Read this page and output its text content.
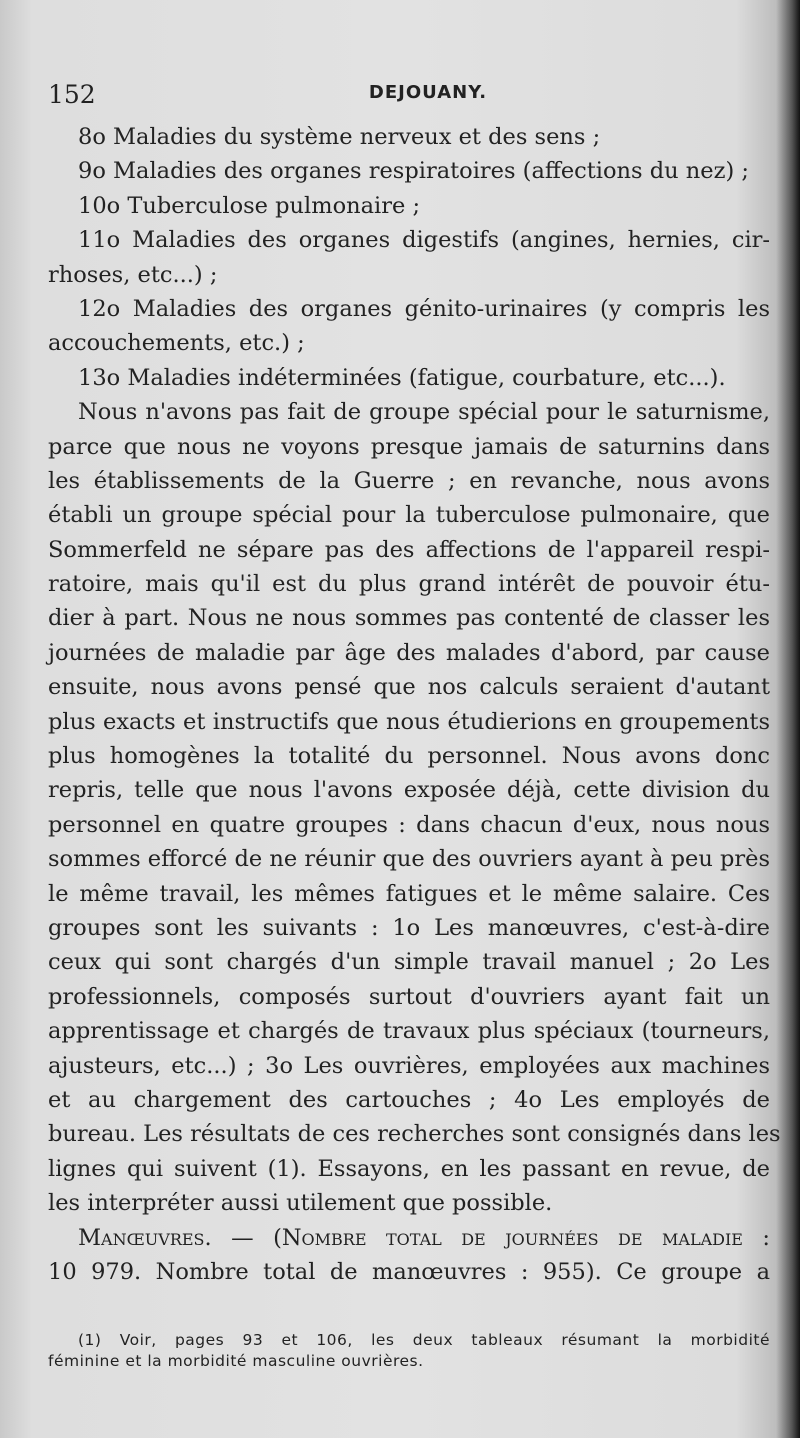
152	DEJOUANY.
8o Maladies du système nerveux et des sens ;
9o Maladies des organes respiratoires (affections du nez) ;
10o Tuberculose pulmonaire ;
11o Maladies des organes digestifs (angines, hernies, cir-
rhoses, etc...) ;
12o Maladies des organes génito-urinaires (y compris les
accouchements, etc.) ;
13o Maladies indéterminées (fatigue, courbature, etc...).
Nous n'avons pas fait de groupe spécial pour le saturnisme,
parce que nous ne voyons presque jamais de saturnins dans
les établissements de la Guerre ; en revanche, nous avons
établi un groupe spécial pour la tuberculose pulmonaire, que
Sommerfeld ne sépare pas des affections de l'appareil respi-
ratoire, mais qu'il est du plus grand intérêt de pouvoir étu-
dier à part. Nous ne nous sommes pas contenté de classer les
journées de maladie par âge des malades d'abord, par cause
ensuite, nous avons pensé que nos calculs seraient d'autant
plus exacts et instructifs que nous étudierions en groupements
plus homogènes la totalité du personnel. Nous avons donc
repris, telle que nous l'avons exposée déjà, cette division du
personnel en quatre groupes : dans chacun d'eux, nous nous
sommes efforcé de ne réunir que des ouvriers ayant à peu près
le même travail, les mêmes fatigues et le même salaire. Ces
groupes sont les suivants : 1o Les manœuvres, c'est-à-dire
ceux qui sont chargés d'un simple travail manuel ; 2o Les
professionnels, composés surtout d'ouvriers ayant fait un
apprentissage et chargés de travaux plus spéciaux (tourneurs,
ajusteurs, etc...) ; 3o Les ouvrières, employées aux machines
et au chargement des cartouches ; 4o Les employés de
bureau. Les résultats de ces recherches sont consignés dans les
lignes qui suivent (1). Essayons, en les passant en revue, de
les interpréter aussi utilement que possible.
Manœuvres. — (Nombre total de journées de maladie :
10 979. Nombre total de manœuvres : 955). Ce groupe a
(1) Voir, pages 93 et 106, les deux tableaux résumant la morbidité
féminine et la morbidité masculine ouvrières.
